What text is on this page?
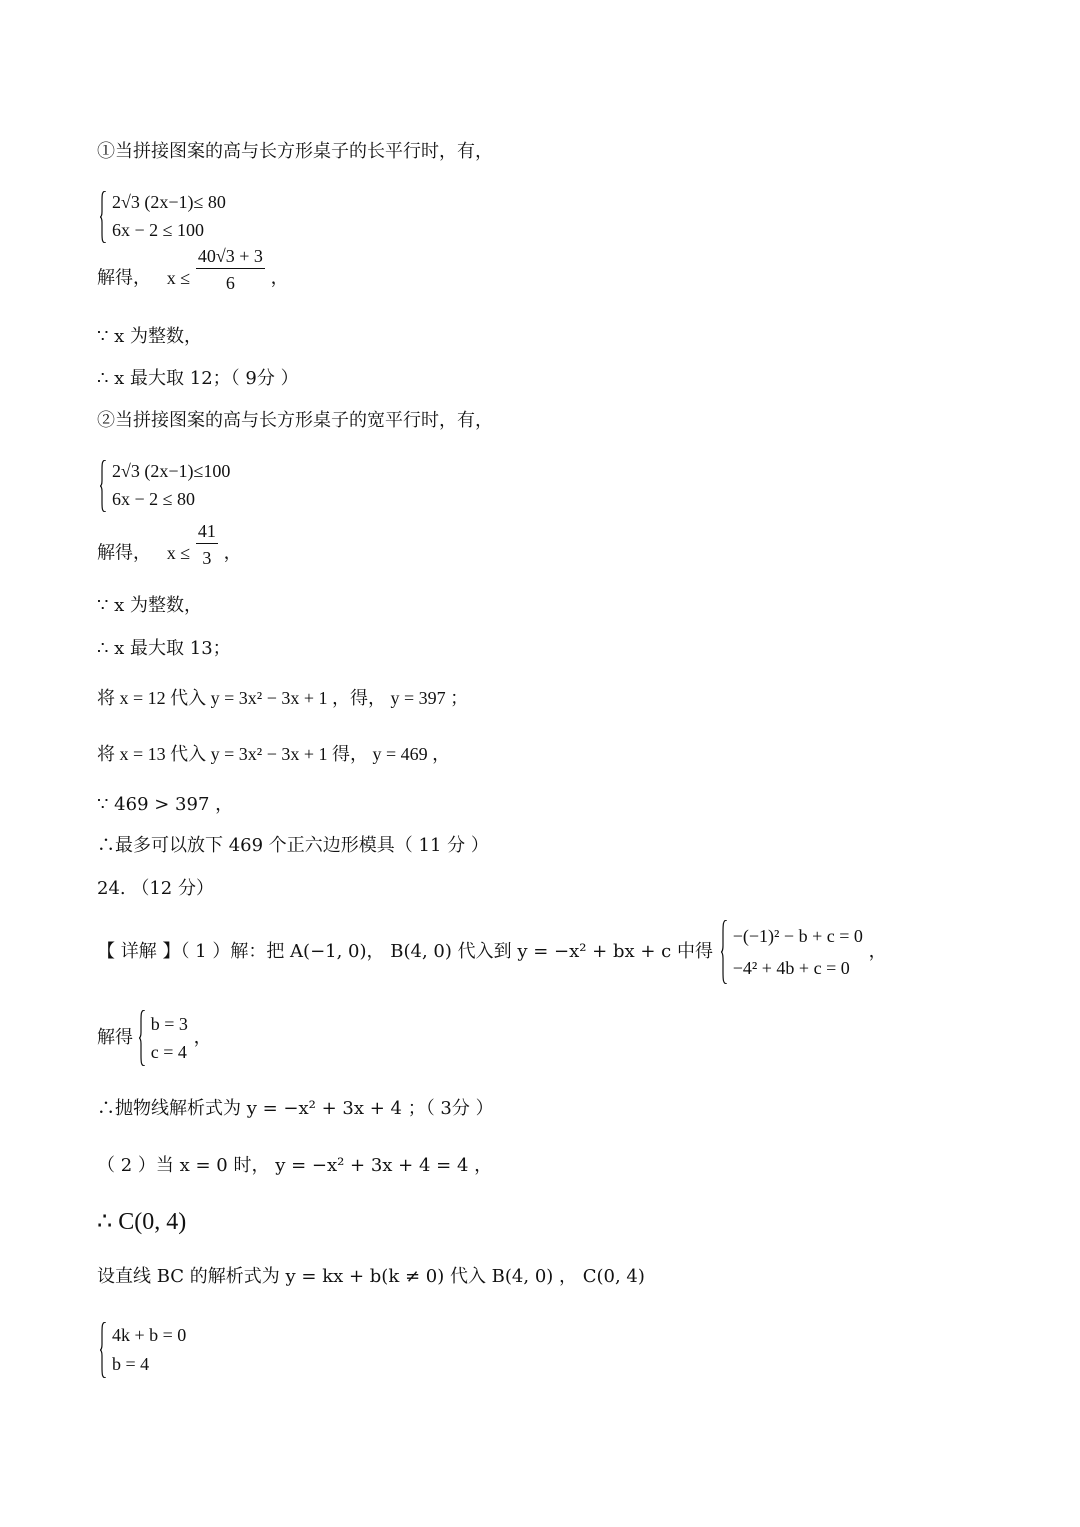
①当拼接图案的高与长方形桌子的长平行时，有，
2√3 (2x−1)≤ 80
6x − 2 ≤ 100
解得， $x \le \frac{40√3 + 3}{6}$ ，
∵ x 为整数，
∴ x 最大取 12；（ 9分 ）
②当拼接图案的高与长方形桌子的宽平行时，有，
2√3 (2x−1)≤100
6x − 2 ≤ 80
解得， $x \le \frac{41}{3}$ ，
∵ x 为整数，
∴ x 最大取 13；
将 x = 12 代入 y = 3x² − 3x + 1 ，得， y = 397 ；
将 x = 13 代入 y = 3x² − 3x + 1 得， y = 469 ，
∵ 469 > 397 ，
∴最多可以放下 469 个正六边形模具（ 11 分 ）
24. （12 分）
【 详解 】（ 1 ）解：把 A(−1, 0)， B(4, 0) 代入到 y = −x² + bx + c 中得
−(−1)² − b + c = 0
−4² + 4b + c = 0
，
解得
b = 3
c = 4
，
∴抛物线解析式为 y = −x² + 3x + 4 ；（ 3分 ）
（ 2 ）当 x = 0 时， y = −x² + 3x + 4 = 4 ，
∴ C(0, 4)
设直线 BC 的解析式为 y = kx + b(k ≠ 0) 代入 B(4, 0) ， C(0, 4)
4k + b = 0
b = 4
